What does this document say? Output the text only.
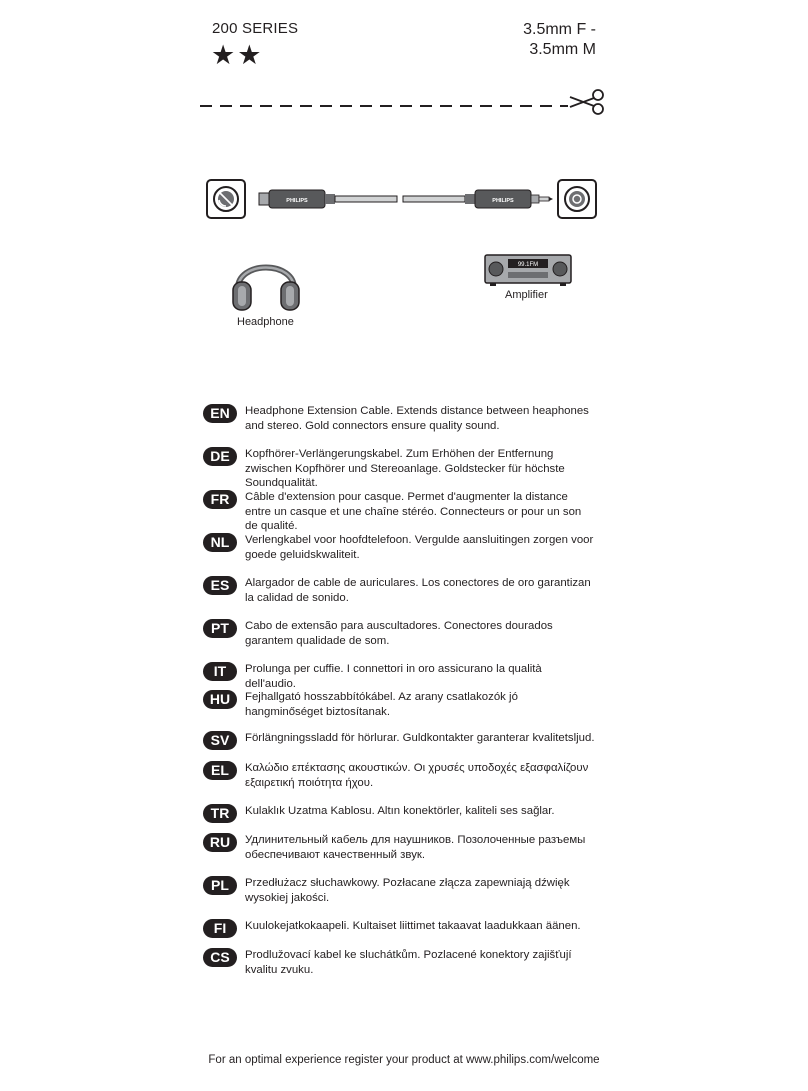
200 SERIES
★★
3.5mm F -
3.5mm M
PHILIPS	PHILIPS
Headphone
99.1FM
Amplifier
EN	Headphone Extension Cable. Extends distance between heaphones and stereo. Gold connectors ensure quality sound.
DE	Kopfhörer-Verlängerungskabel. Zum Erhöhen der Entfernung zwischen Kopfhörer und Stereoanlage. Goldstecker für höchste Soundqualität.
FR	Câble d'extension pour casque. Permet d'augmenter la distance entre un casque et une chaîne stéréo. Connecteurs or pour un son de qualité.
NL	Verlengkabel voor hoofdtelefoon. Vergulde aansluitingen zorgen voor goede geluidskwaliteit.
ES	Alargador de cable de auriculares. Los conectores de oro garantizan la calidad de sonido.
PT	Cabo de extensão para auscultadores. Conectores dourados garantem qualidade de som.
IT	Prolunga per cuffie. I connettori in oro assicurano la qualità dell'audio.
HU	Fejhallgató hosszabbítókábel. Az arany csatlakozók jó hangminőséget biztosítanak.
SV	Förlängningssladd för hörlurar. Guldkontakter garanterar kvalitetsljud.
EL	Καλώδιο επέκτασης ακουστικών. Οι χρυσές υποδοχές εξασφαλίζουν εξαιρετική ποιότητα ήχου.
TR	Kulaklık Uzatma Kablosu. Altın konektörler, kaliteli ses sağlar.
RU	Удлинительный кабель для наушников. Позолоченные разъемы обеспечивают качественный звук.
PL	Przedłużacz słuchawkowy. Pozłacane złącza zapewniają dźwięk wysokiej jakości.
FI	Kuulokejatkokaapeli. Kultaiset liittimet takaavat laadukkaan äänen.
CS	Prodlužovací kabel ke sluchátkům. Pozlacené konektory zajišťují kvalitu zvuku.
For an optimal experience register your product at www.philips.com/welcome
